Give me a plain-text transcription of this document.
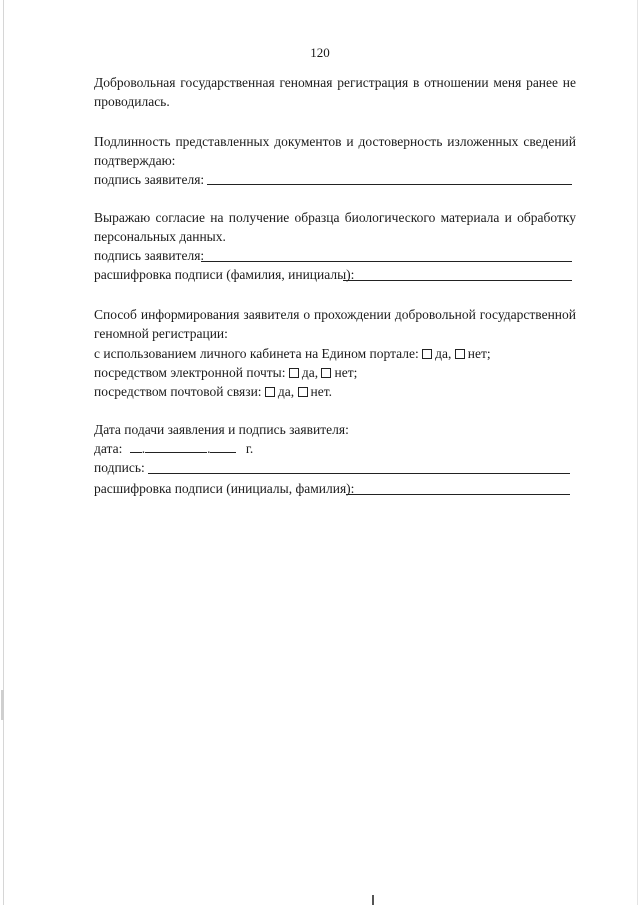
120
Добровольная государственная геномная регистрация в отношении меня ранее не
проводилась.
Подлинность представленных документов и достоверность изложенных сведений
подтверждаю:
подпись заявителя:
Выражаю согласие на получение образца биологического материала и обработку
персональных данных.
подпись заявителя:
расшифровка подписи (фамилия, инициалы):
Способ информирования заявителя о прохождении добровольной государственной
геномной регистрации:
с использованием личного кабинета на Едином портале: да, нет;
посредством электронной почты: да, нет;
посредством почтовой связи: да, нет.
Дата подачи заявления и подпись заявителя:
дата: .	.	г.
подпись:
расшифровка подписи (инициалы, фамилия):
